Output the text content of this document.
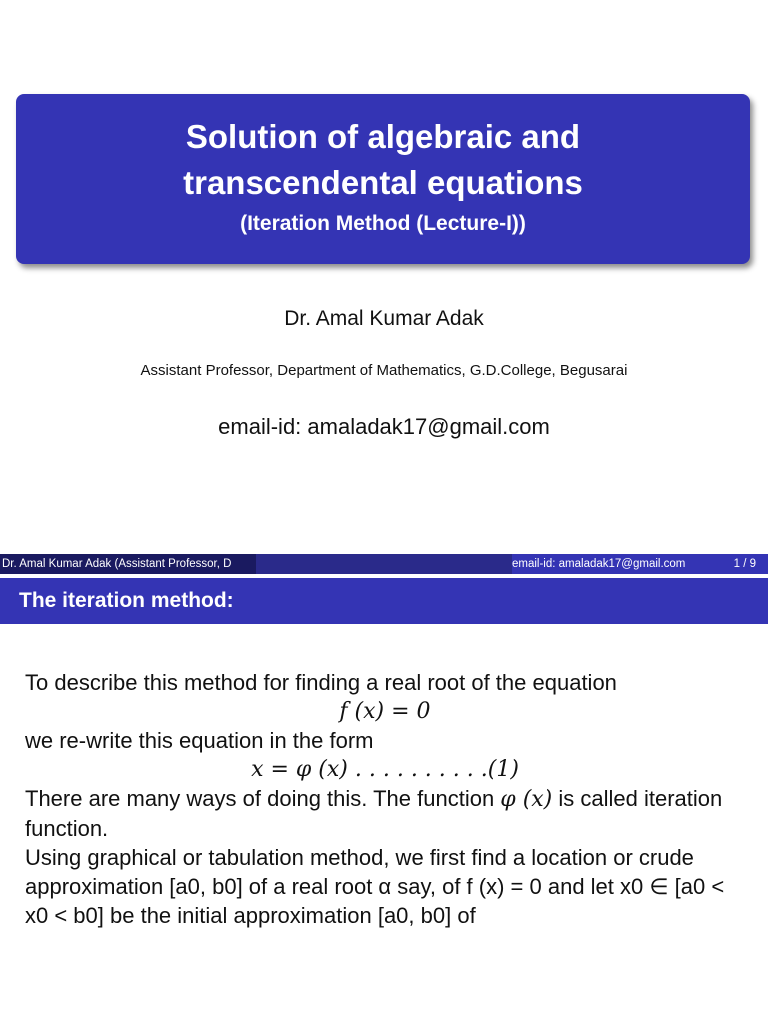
Solution of algebraic and
transcendental equations
(Iteration Method (Lecture-I))
Dr. Amal Kumar Adak
Assistant Professor, Department of Mathematics, G.D.College, Begusarai
email-id: amaladak17@gmail.com
Dr. Amal Kumar Adak (Assistant Professor, D	email-id: amaladak17@gmail.com	1 / 9
The iteration method:

To describe this method for finding a real root of the equation

f (x) = 0

we re-write this equation in the form

x = φ (x) . . . . . . . . . .(1)

There are many ways of doing this. The function φ (x) is called iteration function.

Using graphical or tabulation method, we first find a location or crude approximation [a0, b0] of a real root α say, of f (x) = 0 and let x0 ∈ [a0 < x0 < b0] be the initial approximation [a0, b0] of
